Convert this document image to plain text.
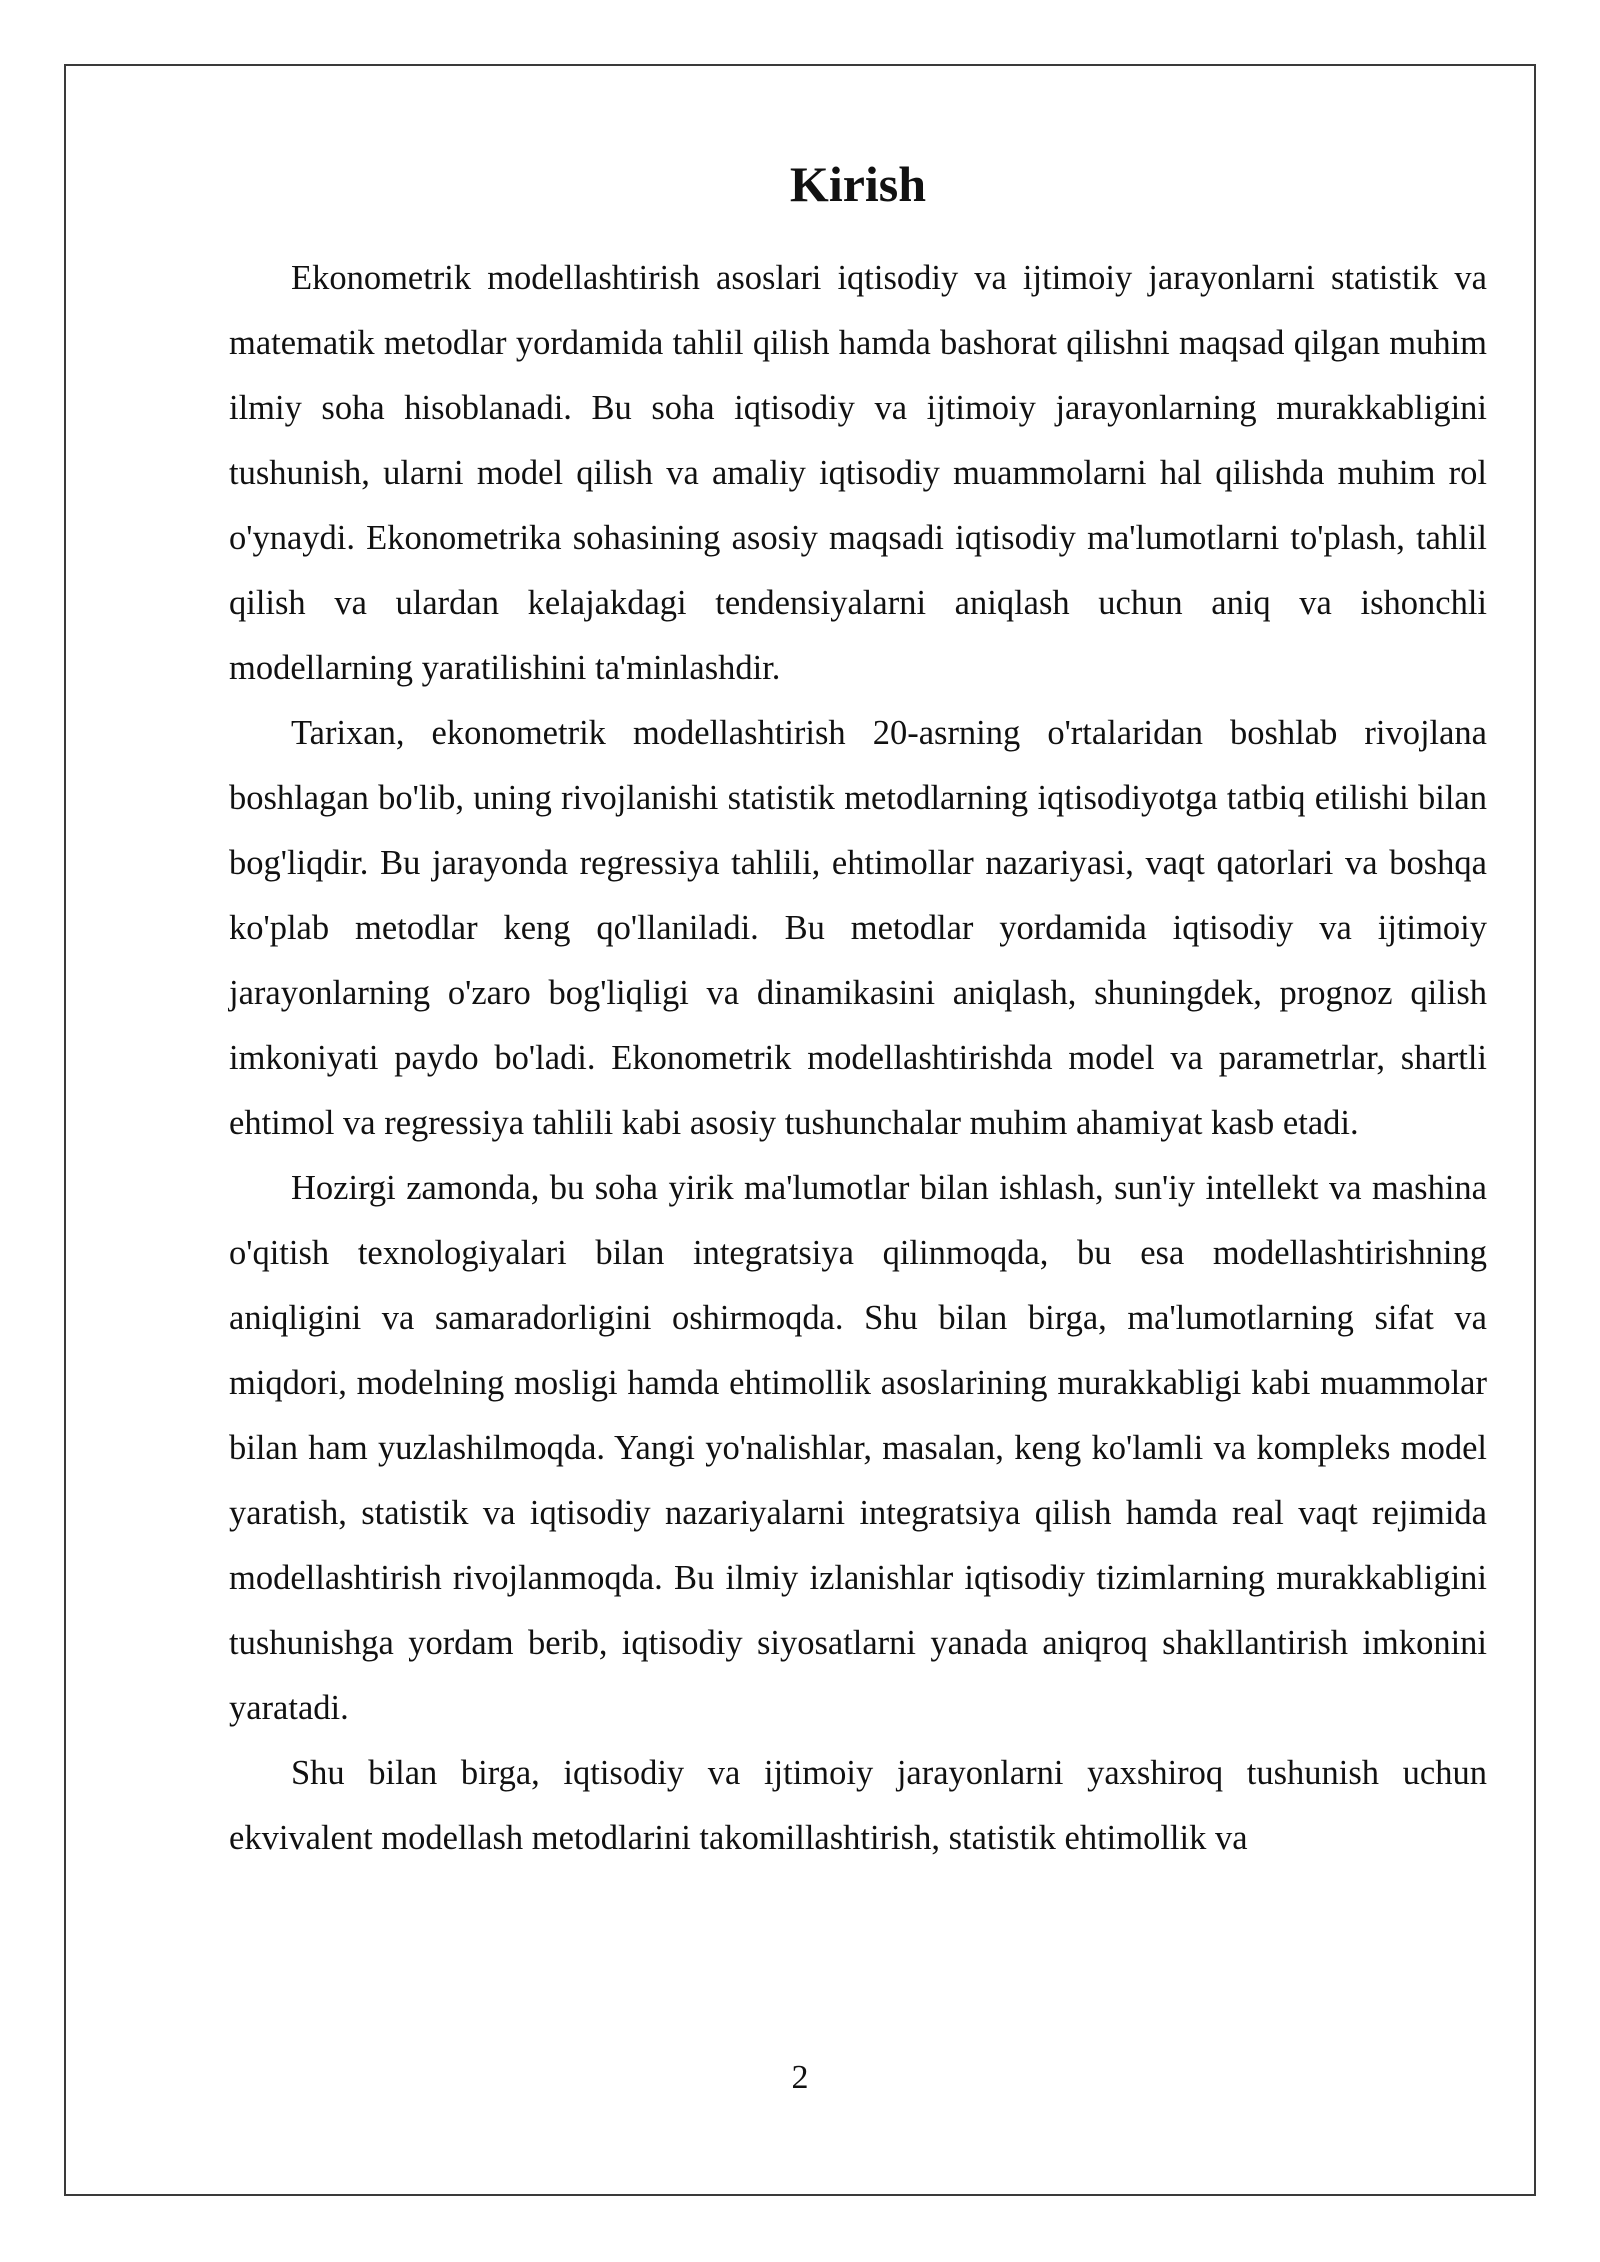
Kirish

Ekonometrik modellashtirish asoslari iqtisodiy va ijtimoiy jarayonlarni statistik va matematik metodlar yordamida tahlil qilish hamda bashorat qilishni maqsad qilgan muhim ilmiy soha hisoblanadi. Bu soha iqtisodiy va ijtimoiy jarayonlarning murakkabligini tushunish, ularni model qilish va amaliy iqtisodiy muammolarni hal qilishda muhim rol o'ynaydi. Ekonometrika sohasining asosiy maqsadi iqtisodiy ma'lumotlarni to'plash, tahlil qilish va ulardan kelajakdagi tendensiyalarni aniqlash uchun aniq va ishonchli modellarning yaratilishini ta'minlashdir.

Tarixan, ekonometrik modellashtirish 20-asrning o'rtalaridan boshlab rivojlana boshlagan bo'lib, uning rivojlanishi statistik metodlarning iqtisodiyotga tatbiq etilishi bilan bog'liqdir. Bu jarayonda regressiya tahlili, ehtimollar nazariyasi, vaqt qatorlari va boshqa ko'plab metodlar keng qo'llaniladi. Bu metodlar yordamida iqtisodiy va ijtimoiy jarayonlarning o'zaro bog'liqligi va dinamikasini aniqlash, shuningdek, prognoz qilish imkoniyati paydo bo'ladi. Ekonometrik modellashtirishda model va parametrlar, shartli ehtimol va regressiya tahlili kabi asosiy tushunchalar muhim ahamiyat kasb etadi.

Hozirgi zamonda, bu soha yirik ma'lumotlar bilan ishlash, sun'iy intellekt va mashina o'qitish texnologiyalari bilan integratsiya qilinmoqda, bu esa modellashtirishning aniqligini va samaradorligini oshirmoqda. Shu bilan birga, ma'lumotlarning sifat va miqdori, modelning mosligi hamda ehtimollik asoslarining murakkabligi kabi muammolar bilan ham yuzlashilmoqda. Yangi yo'nalishlar, masalan, keng ko'lamli va kompleks model yaratish, statistik va iqtisodiy nazariyalarni integratsiya qilish hamda real vaqt rejimida modellashtirish rivojlanmoqda. Bu ilmiy izlanishlar iqtisodiy tizimlarning murakkabligini tushunishga yordam berib, iqtisodiy siyosatlarni yanada aniqroq shakllantirish imkonini yaratadi.

Shu bilan birga, iqtisodiy va ijtimoiy jarayonlarni yaxshiroq tushunish uchun ekvivalent modellash metodlarini takomillashtirish, statistik ehtimollik va

2
